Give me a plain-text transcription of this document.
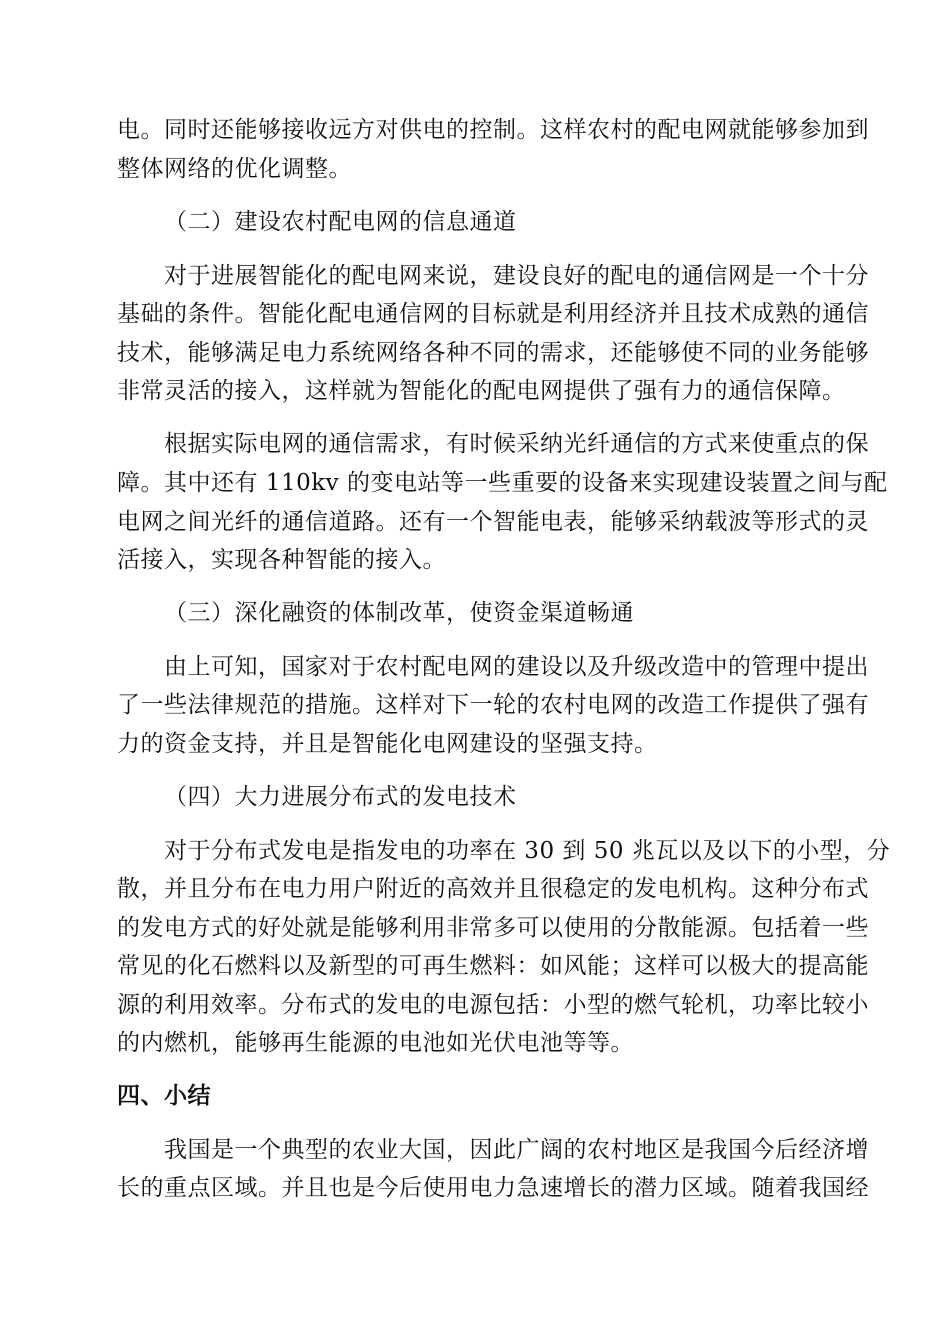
电。同时还能够接收远方对供电的控制。这样农村的配电网就能够参加到
整体网络的优化调整。
（二）建设农村配电网的信息通道
对于进展智能化的配电网来说，建设良好的配电的通信网是一个十分
基础的条件。智能化配电通信网的目标就是利用经济并且技术成熟的通信
技术，能够满足电力系统网络各种不同的需求，还能够使不同的业务能够
非常灵活的接入，这样就为智能化的配电网提供了强有力的通信保障。
根据实际电网的通信需求，有时候采纳光纤通信的方式来使重点的保
障。其中还有 110kv 的变电站等一些重要的设备来实现建设装置之间与配
电网之间光纤的通信道路。还有一个智能电表，能够采纳载波等形式的灵
活接入，实现各种智能的接入。
（三）深化融资的体制改革，使资金渠道畅通
由上可知，国家对于农村配电网的建设以及升级改造中的管理中提出
了一些法律规范的措施。这样对下一轮的农村电网的改造工作提供了强有
力的资金支持，并且是智能化电网建设的坚强支持。
（四）大力进展分布式的发电技术
对于分布式发电是指发电的功率在 30 到 50 兆瓦以及以下的小型，分
散，并且分布在电力用户附近的高效并且很稳定的发电机构。这种分布式
的发电方式的好处就是能够利用非常多可以使用的分散能源。包括着一些
常见的化石燃料以及新型的可再生燃料：如风能；这样可以极大的提高能
源的利用效率。分布式的发电的电源包括：小型的燃气轮机，功率比较小
的内燃机，能够再生能源的电池如光伏电池等等。
四、小结
我国是一个典型的农业大国，因此广阔的农村地区是我国今后经济增
长的重点区域。并且也是今后使用电力急速增长的潜力区域。随着我国经
